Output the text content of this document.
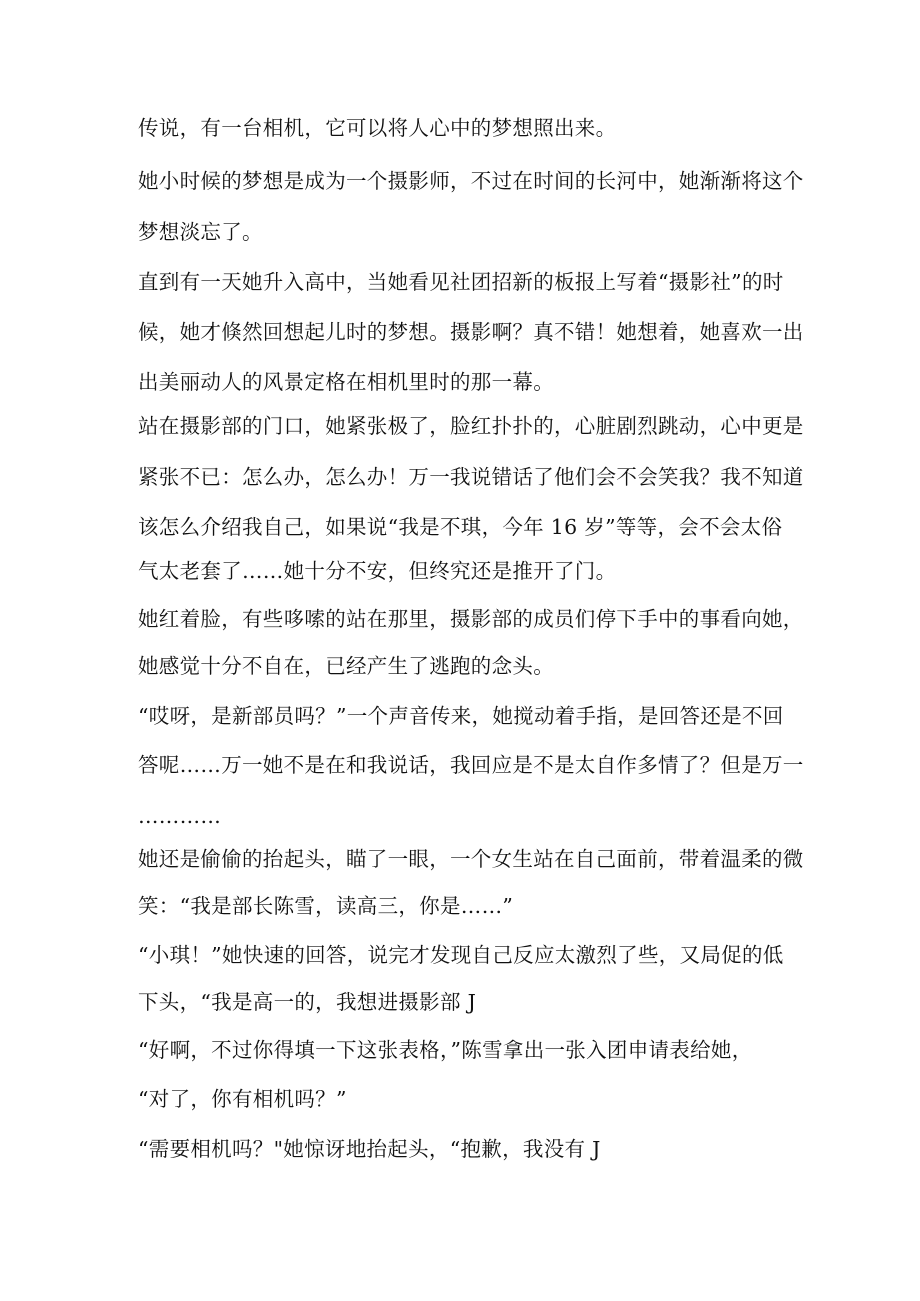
传说，有一台相机，它可以将人心中的梦想照出来。
她小时候的梦想是成为一个摄影师，不过在时间的长河中，她渐渐将这个
梦想淡忘了。
直到有一天她升入高中，当她看见社团招新的板报上写着“摄影社”的时
候，她才倏然回想起儿时的梦想。摄影啊？真不错！她想着，她喜欢一出
出美丽动人的风景定格在相机里时的那一幕。
站在摄影部的门口，她紧张极了，脸红扑扑的，心脏剧烈跳动，心中更是
紧张不已：怎么办，怎么办！万一我说错话了他们会不会笑我？我不知道
该怎么介绍我自己，如果说“我是不琪，今年 16 岁”等等，会不会太俗
气太老套了……她十分不安，但终究还是推开了门。
她红着脸，有些哆嗦的站在那里，摄影部的成员们停下手中的事看向她，
她感觉十分不自在，已经产生了逃跑的念头。
“哎呀，是新部员吗？”一个声音传来，她搅动着手指，是回答还是不回
答呢……万一她不是在和我说话，我回应是不是太自作多情了？但是万一
…………
她还是偷偷的抬起头，瞄了一眼，一个女生站在自己面前，带着温柔的微
笑：“我是部长陈雪，读高三，你是……”
“小琪！”她快速的回答，说完才发现自己反应太激烈了些，又局促的低
下头，“我是高一的，我想进摄影部 J
“好啊，不过你得填一下这张表格，”陈雪拿出一张入团申请表给她，
“对了，你有相机吗？”
“需要相机吗？"她惊讶地抬起头，“抱歉，我没有 J
